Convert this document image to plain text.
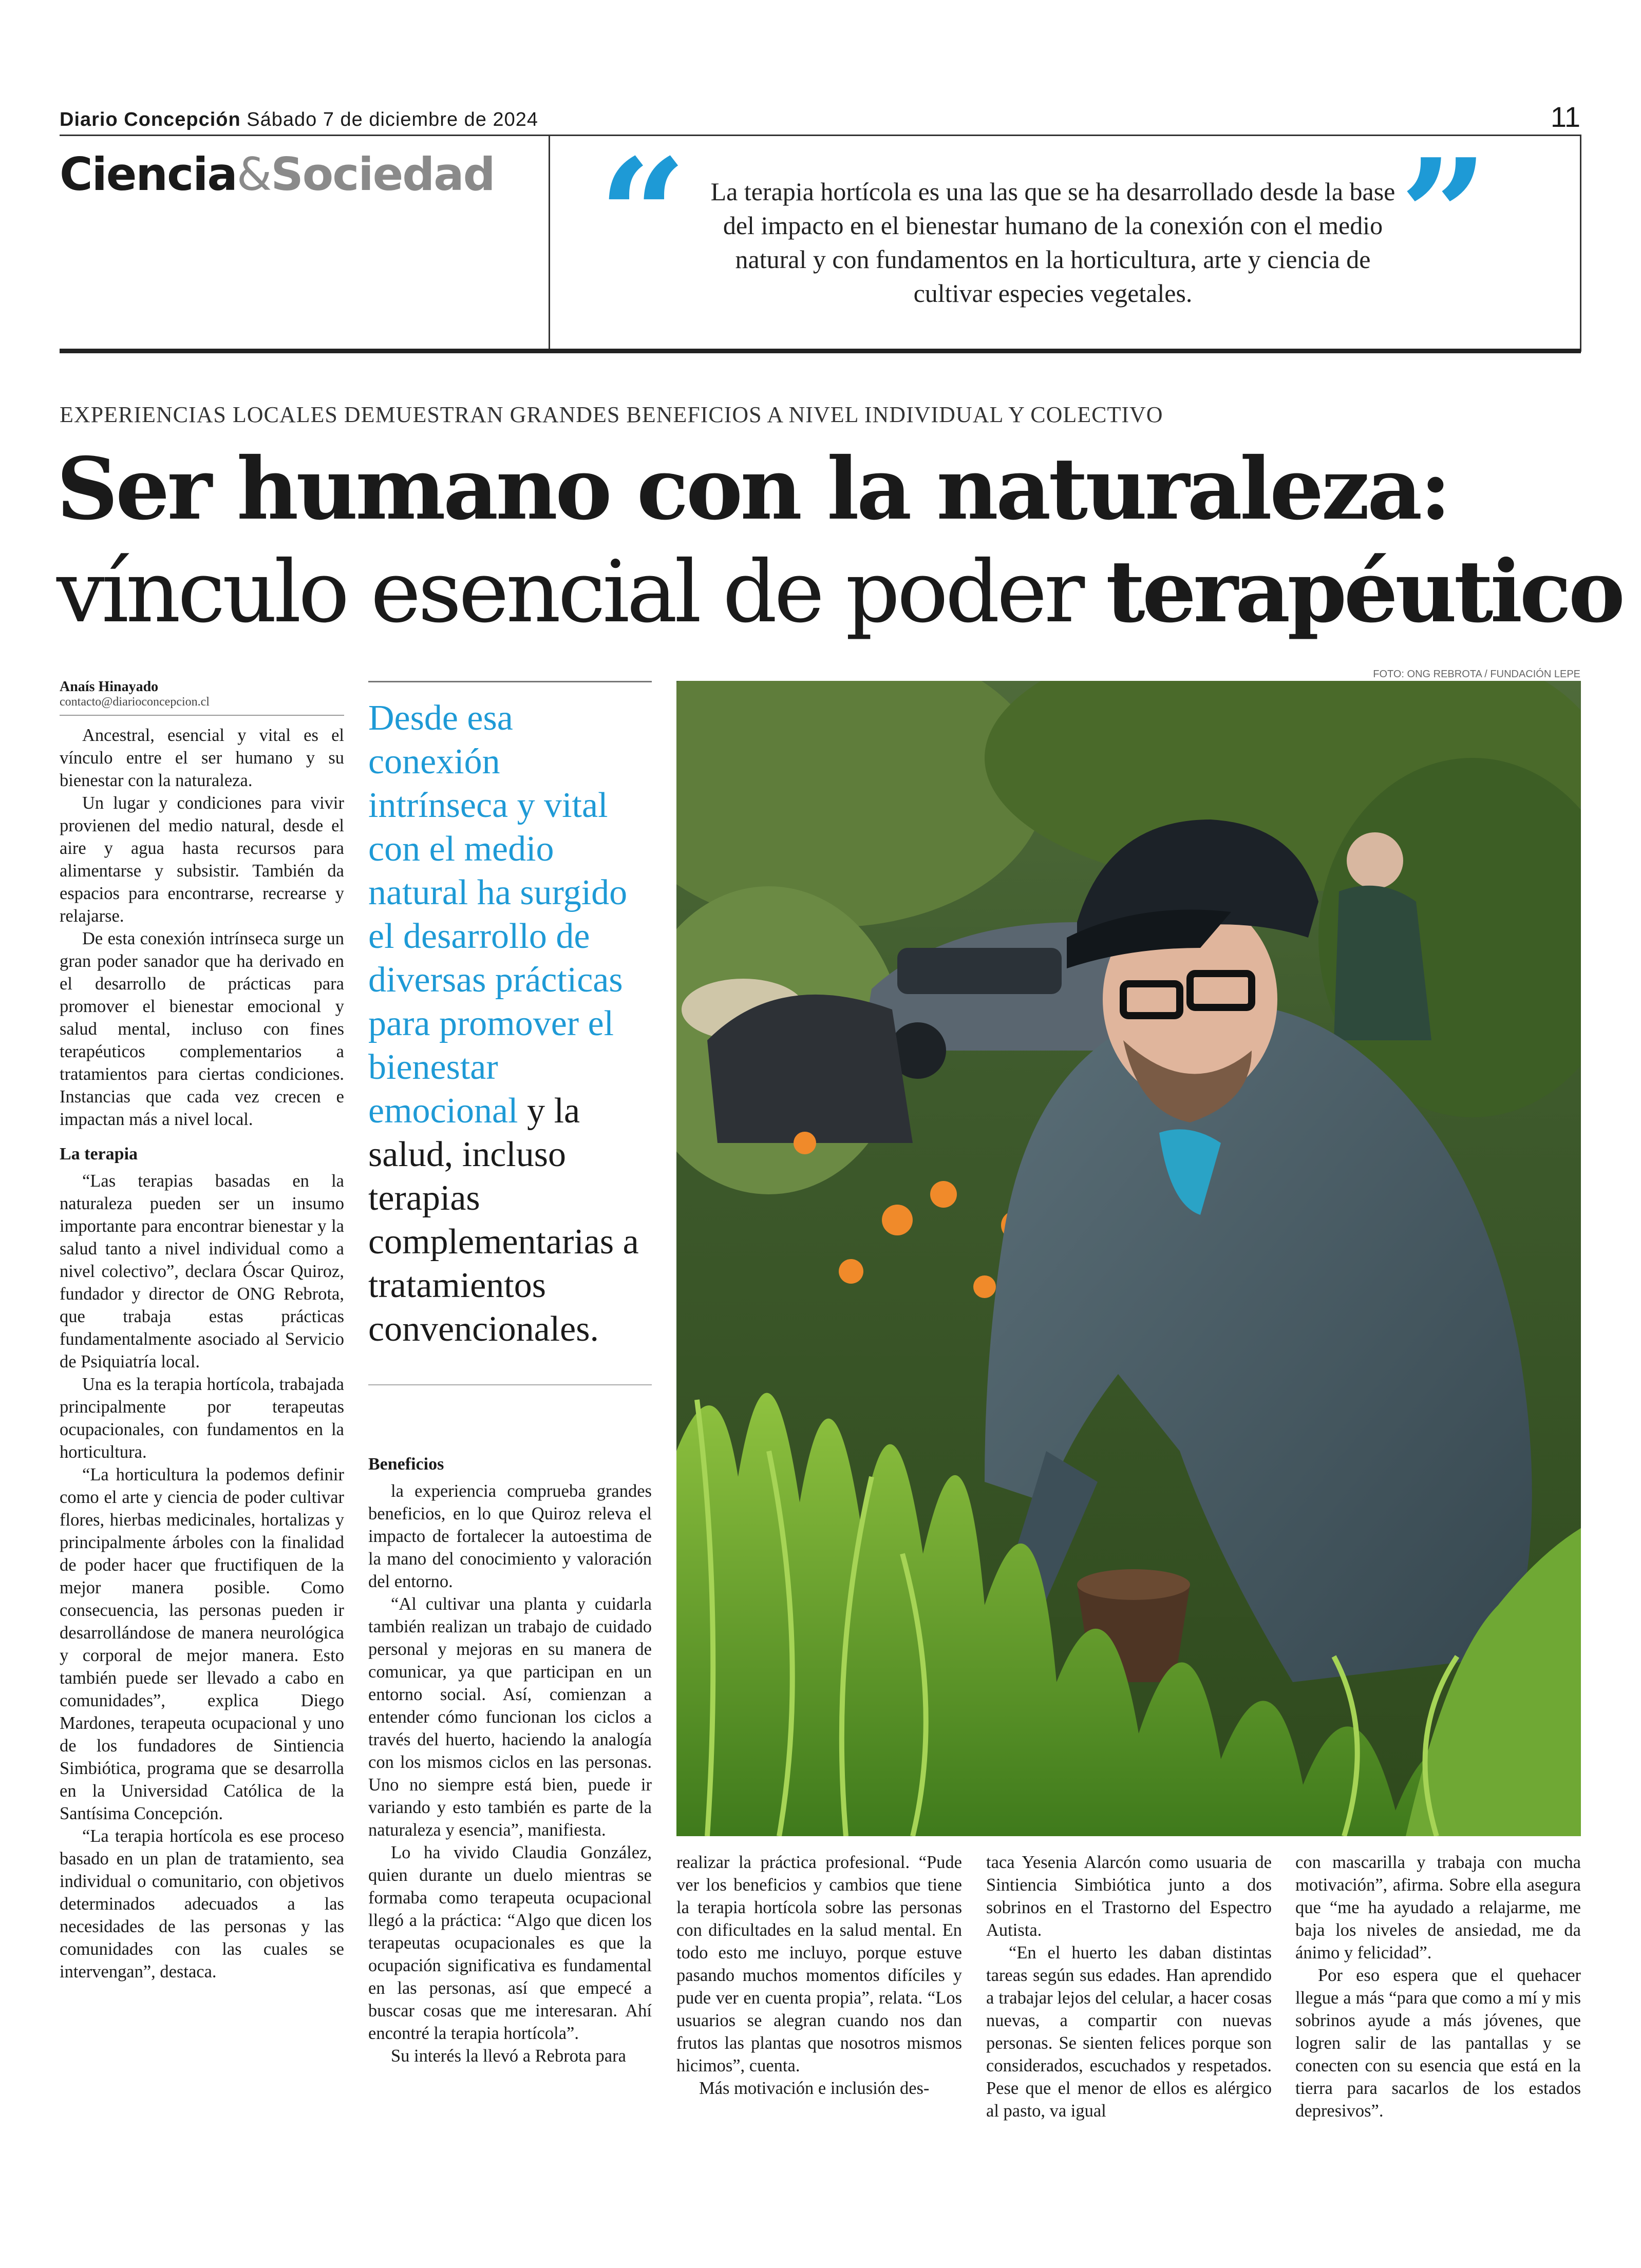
Diario Concepción Sábado 7 de diciembre de 2024	11
Ciencia&Sociedad “ La terapia hortícola es una las que se ha desarrollado desde la base del impacto en el bienestar humano de la conexión con el medio natural y con fundamentos en la horticultura, arte y ciencia de cultivar especies vegetales.	”
EXPERIENCIAS LOCALES DEMUESTRAN GRANDES BENEFICIOS A NIVEL INDIVIDUAL Y COLECTIVO
Ser humano con la naturaleza:
vínculo esencial de poder terapéutico
Anaís Hinayado
contacto@diarioconcepcion.cl

Ancestral, esencial y vital es el vínculo entre el ser humano y su bienestar con la naturaleza.

Un lugar y condiciones para vivir provienen del medio natural, desde el aire y agua hasta recursos para alimentarse y subsistir. También da espacios para encontrarse, recrearse y relajarse.

De esta conexión intrínseca surge un gran poder sanador que ha derivado en el desarrollo de prácticas para promover el bienestar emocional y salud mental, incluso con fines terapéuticos complementarios a tratamientos para ciertas condiciones. Instancias que cada vez crecen e impactan más a nivel local.

La terapia

“Las terapias basadas en la naturaleza pueden ser un insumo importante para encontrar bienestar y la salud tanto a nivel individual como a nivel colectivo”, declara Óscar Quiroz, fundador y director de ONG Rebrota, que trabaja estas prácticas fundamentalmente asociado al Servicio de Psiquiatría local.

Una es la terapia hortícola, trabajada principalmente por terapeutas ocupacionales, con fundamentos en la horticultura.

“La horticultura la podemos definir como el arte y ciencia de poder cultivar flores, hierbas medicinales, hortalizas y principalmente árboles con la finalidad de poder hacer que fructifiquen de la mejor manera posible. Como consecuencia, las personas pueden ir desarrollándose de manera neurológica y corporal de mejor manera. Esto también puede ser llevado a cabo en comunidades”, explica Diego Mardones, terapeuta ocupacional y uno de los fundadores de Sintiencia Simbiótica, programa que se desarrolla en la Universidad Católica de la Santísima Concepción.

“La terapia hortícola es ese proceso basado en un plan de tratamiento, sea individual o comunitario, con objetivos determinados adecuados a las necesidades de las personas y las comunidades con las cuales se intervengan”, destaca.

Desde esa conexión intrínseca y vital con el medio natural ha surgido el desarrollo de diversas prácticas para promover el bienestar emocional y la salud, incluso terapias complementarias a tratamientos convencionales.
Beneficios

la experiencia comprueba grandes beneficios, en lo que Quiroz releva el impacto de fortalecer la autoestima de la mano del conocimiento y valoración del entorno.

“Al cultivar una planta y cuidarla también realizan un trabajo de cuidado personal y mejoras en su manera de comunicar, ya que participan en un entorno social. Así, comienzan a entender cómo funcionan los ciclos a través del huerto, haciendo la analogía con los mismos ciclos en las personas. Uno no siempre está bien, puede ir variando y esto también es parte de la naturaleza y esencia”, manifiesta.

Lo ha vivido Claudia González, quien durante un duelo mientras se formaba como terapeuta ocupacional llegó a la práctica: “Algo que dicen los terapeutas ocupacionales es que la ocupación significativa es fundamental en las personas, así que empecé a buscar cosas que me interesaran. Ahí encontré la terapia hortícola”.

Su interés la llevó a Rebrota para

FOTO: ONG REBROTA / FUNDACIÓN LEPE

realizar la práctica profesional. “Pude ver los beneficios y cambios que tiene la terapia hortícola sobre las personas con dificultades en la salud mental. En todo esto me incluyo, porque estuve pasando muchos momentos difíciles y pude ver en cuenta propia”, relata. “Los usuarios se alegran cuando nos dan frutos las plantas que nosotros mismos hicimos”, cuenta.

Más motivación e inclusión des-

taca Yesenia Alarcón como usuaria de Sintiencia Simbiótica junto a dos sobrinos en el Trastorno del Espectro Autista.

“En el huerto les daban distintas tareas según sus edades. Han aprendido a trabajar lejos del celular, a hacer cosas nuevas, a compartir con nuevas personas. Se sienten felices porque son considerados, escuchados y respetados. Pese que el menor de ellos es alérgico al pasto, va igual

con mascarilla y trabaja con mucha motivación”, afirma. Sobre ella asegura que “me ha ayudado a relajarme, me baja los niveles de ansiedad, me da ánimo y felicidad”.

Por eso espera que el quehacer llegue a más “para que como a mí y mis sobrinos ayude a más jóvenes, que logren salir de las pantallas y se conecten con su esencia que está en la tierra para sacarlos de los estados depresivos”.
